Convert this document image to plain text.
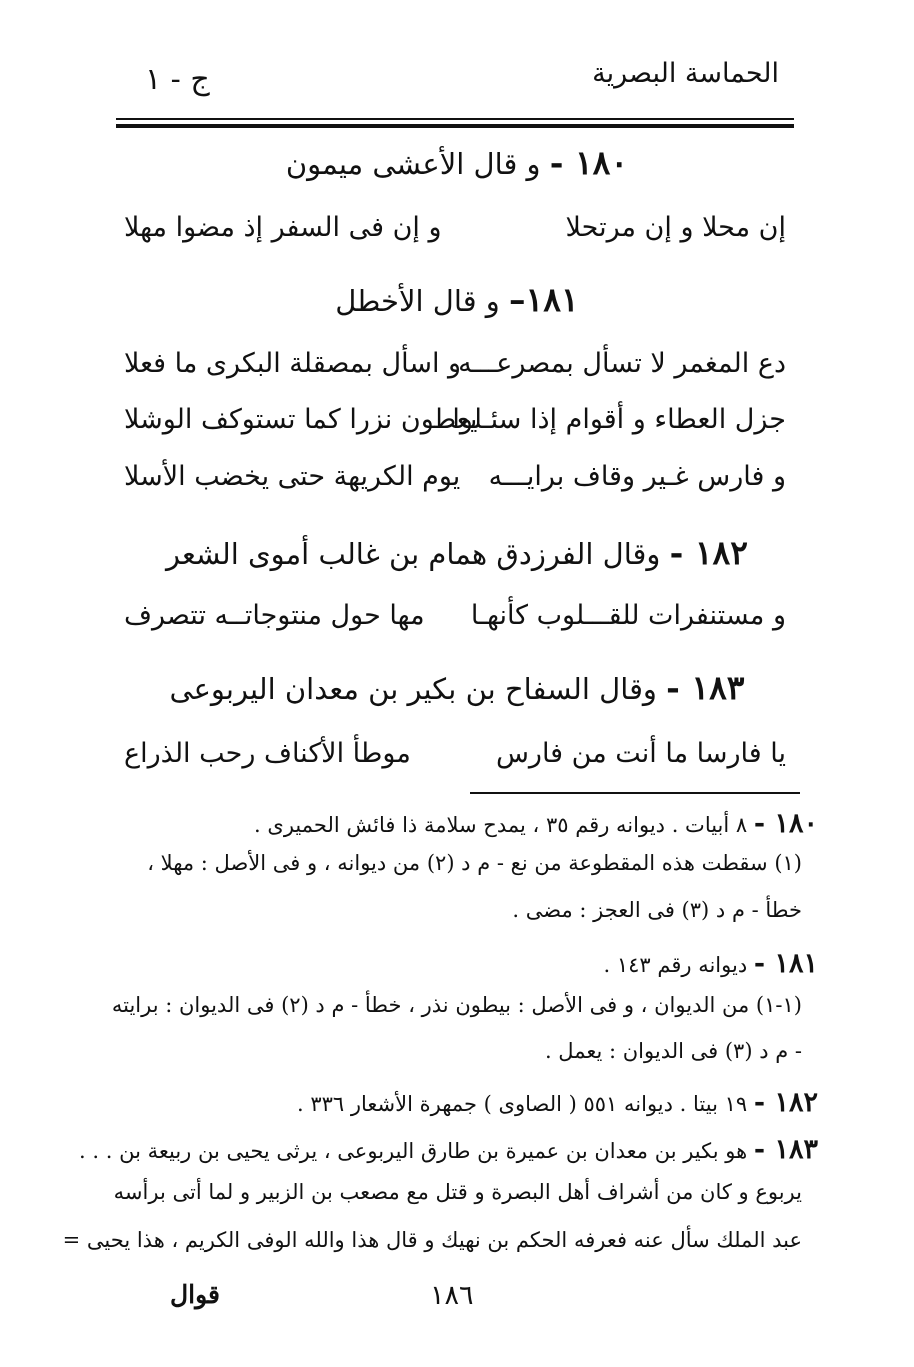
الحماسة البصرية
ج - ١
١٨٠ - و قال الأعشى ميمون
إن محلا و إن مرتحلا
و إن فى السفر إذ مضوا مهلا
١٨١– و قال الأخطل
دع المغمر لا تسأل بمصرعـــه
و اسأل بمصقلة البكرى ما فعلا
جزل العطاء و أقوام إذا سئـلوا
يعطون نزرا كما تستوكف الوشلا
و فارس غـير وقاف برايـــه
يوم الكريهة حتى يخضب الأسلا
١٨٢ - وقال الفرزدق همام بن غالب أموى الشعر
و مستنفرات للقـــلوب كأنهـا
مها حول منتوجاتــه تتصرف
١٨٣ - وقال السفاح بن بكير بن معدان اليربوعى
يا فارسا ما أنت من فارس
موطأ الأكناف رحب الذراع
١٨٠ - ٨ أبيات . ديوانه رقم ٣٥ ، يمدح سلامة ذا فائش الحميرى .
(١) سقطت هذه المقطوعة من نع - م د (٢) من ديوانه ، و فى الأصل : مهلا ،
خطأ - م د (٣) فى العجز : مضى .
١٨١ - ديوانه رقم ١٤٣ .
(١-١) من الديوان ، و فى الأصل : بيطون نذر ، خطأ - م د (٢) فى الديوان : برايته
- م د (٣) فى الديوان : يعمل .
١٨٢ - ١٩ بيتا . ديوانه ٥٥١ ( الصاوى ) جمهرة الأشعار ٣٣٦ .
١٨٣ - هو بكير بن معدان بن عميرة بن طارق اليربوعى ، يرثى يحيى بن ربيعة بن . . .
يربوع و كان من أشراف أهل البصرة و قتل مع مصعب بن الزبير و لما أتى برأسه
عبد الملك سأل عنه فعرفه الحكم بن نهيك و قال هذا والله الوفى الكريم ، هذا يحيى =
١٨٦
قوال
